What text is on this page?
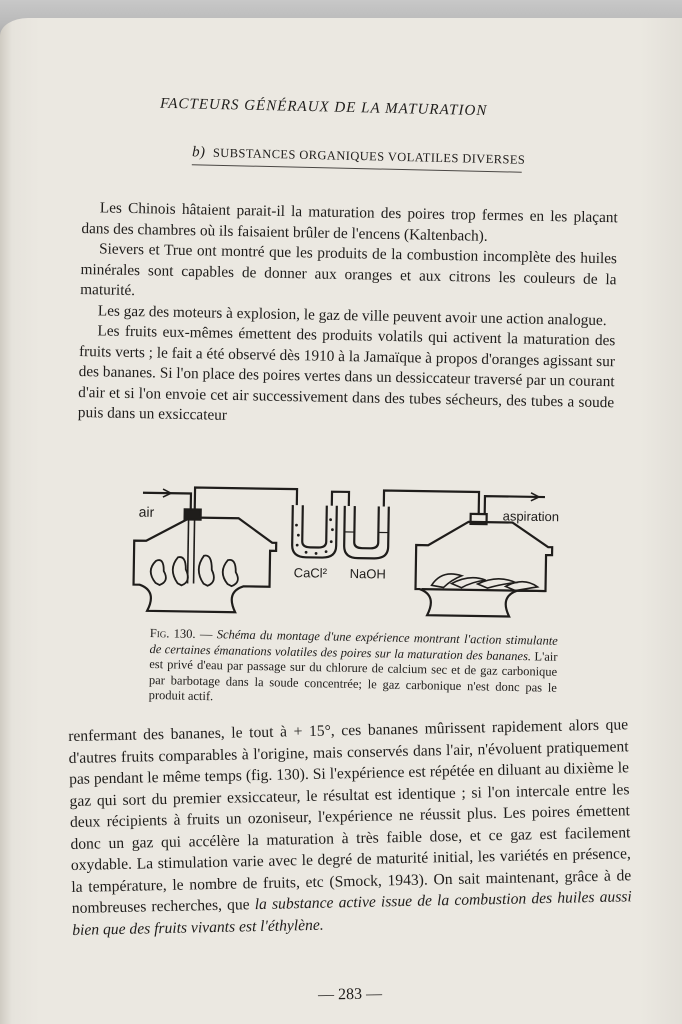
FACTEURS GÉNÉRAUX DE LA MATURATION
b) SUBSTANCES ORGANIQUES VOLATILES DIVERSES

Les Chinois hâtaient parait-il la maturation des poires trop fermes en les plaçant dans des chambres où ils faisaient brûler de l'encens (Kaltenbach).

Sievers et True ont montré que les produits de la combustion incomplète des huiles minérales sont capables de donner aux oranges et aux citrons les couleurs de la maturité.

Les gaz des moteurs à explosion, le gaz de ville peuvent avoir une action analogue.

Les fruits eux-mêmes émettent des produits volatils qui activent la maturation des fruits verts ; le fait a été observé dès 1910 à la Jamaïque à propos d'oranges agissant sur des bananes. Si l'on place des poires vertes dans un dessiccateur traversé par un courant d'air et si l'on envoie cet air successivement dans des tubes sécheurs, des tubes a soude puis dans un exsiccateur

air	aspiration
CaCl² NaOH
Fig. 130. — Schéma du montage d'une expérience montrant l'action stimulante de certaines émanations volatiles des poires sur la maturation des bananes. L'air est privé d'eau par passage sur du chlorure de calcium sec et de gaz carbonique par barbotage dans la soude concentrée; le gaz carbonique n'est donc pas le produit actif.

renfermant des bananes, le tout à + 15°, ces bananes mûrissent rapidement alors que d'autres fruits comparables à l'origine, mais conservés dans l'air, n'évoluent pratiquement pas pendant le même temps (fig. 130). Si l'expérience est répétée en diluant au dixième le gaz qui sort du premier exsiccateur, le résultat est identique ; si l'on intercale entre les deux récipients à fruits un ozoniseur, l'expérience ne réussit plus. Les poires émettent donc un gaz qui accélère la maturation à très faible dose, et ce gaz est facilement oxydable. La stimulation varie avec le degré de maturité initial, les variétés en présence, la température, le nombre de fruits, etc (Smock, 1943). On sait maintenant, grâce à de nombreuses recherches, que la substance active issue de la combustion des huiles aussi bien que des fruits vivants est l'éthylène.

— 283 —
